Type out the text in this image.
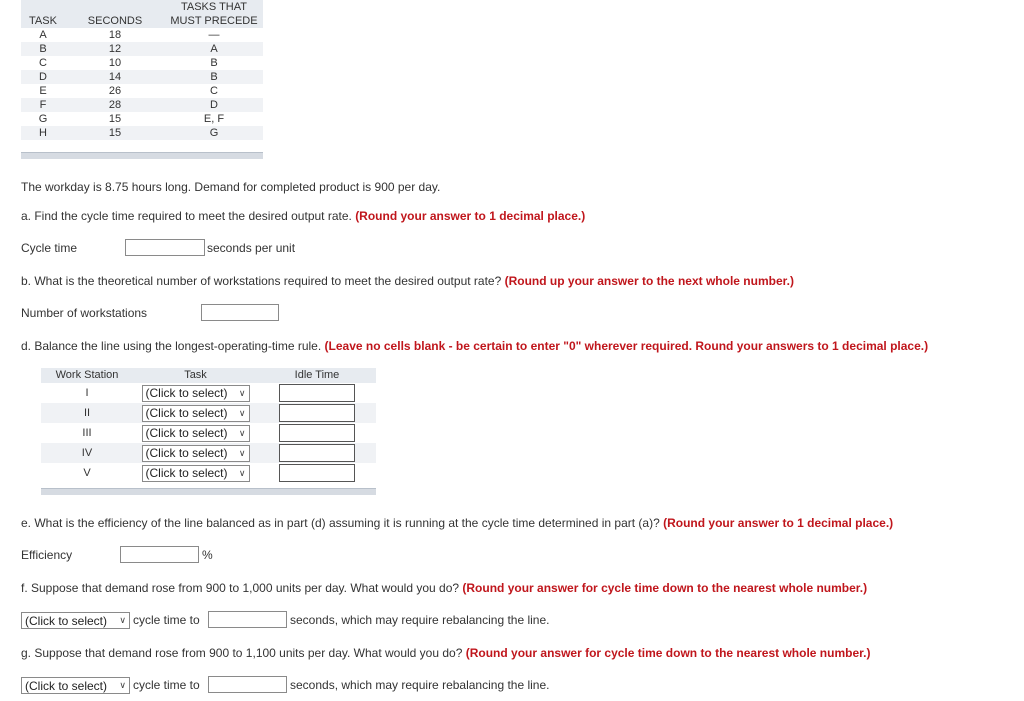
TASK	SECONDS	TASKS THAT
MUST PRECEDE

A	18	—
B	12	A
C	10	B
D	14	B
E	26	C
F	28	D
G	15	E, F
H	15	G
The workday is 8.75 hours long. Demand for completed product is 900 per day.
a. Find the cycle time required to meet the desired output rate. (Round your answer to 1 decimal place.)
Cycle time	seconds per unit
b. What is the theoretical number of workstations required to meet the desired output rate? (Round up your answer to the next whole number.)
Number of workstations
d. Balance the line using the longest-operating-time rule. (Leave no cells blank - be certain to enter "0" wherever required. Round your answers to 1 decimal place.)
Work Station	Task	Idle Time
I	(Click to select) ∨

II	(Click to select) ∨

III	(Click to select) ∨

IV	(Click to select) ∨

V	(Click to select) ∨

e. What is the efficiency of the line balanced as in part (d) assuming it is running at the cycle time determined in part (a)? (Round your answer to 1 decimal place.)
Efficiency	%
f. Suppose that demand rose from 900 to 1,000 units per day. What would you do? (Round your answer for cycle time down to the nearest whole number.)
(Click to select) ∨ cycle time to	seconds, which may require rebalancing the line.
g. Suppose that demand rose from 900 to 1,100 units per day. What would you do? (Round your answer for cycle time down to the nearest whole number.)
(Click to select) ∨ cycle time to	seconds, which may require rebalancing the line.
